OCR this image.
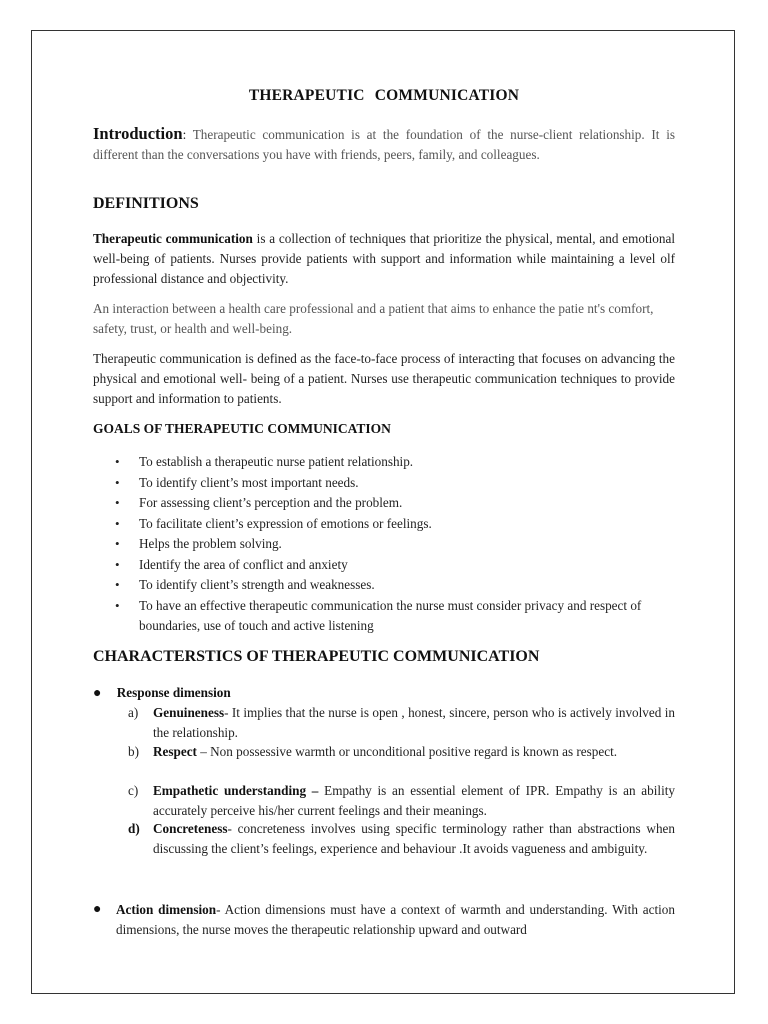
THERAPEUTIC COMMUNICATION
Introduction: Therapeutic communication is at the foundation of the nurse-client relationship. It is different than the conversations you have with friends, peers, family, and colleagues.
DEFINITIONS
Therapeutic communication is a collection of techniques that prioritize the physical, mental, and emotional well-being of patients. Nurses provide patients with support and information while maintaining a level olf professional distance and objectivity.
An interaction between a health care professional and a patient that aims to enhance the patie nt's comfort, safety, trust, or health and well-being.
Therapeutic communication is defined as the face-to-face process of interacting that focuses on advancing the physical and emotional well- being of a patient. Nurses use therapeutic communication techniques to provide support and information to patients.
GOALS OF THERAPEUTIC COMMUNICATION
• To establish a therapeutic nurse patient relationship.
• To identify client’s most important needs.
• For assessing client’s perception and the problem.
• To facilitate client’s expression of emotions or feelings.
• Helps the problem solving.
• Identify the area of conflict and anxiety
• To identify client’s strength and weaknesses.
• To have an effective therapeutic communication the nurse must consider privacy and respect of boundaries, use of touch and active listening
CHARACTERSTICS OF THERAPEUTIC COMMUNICATION
● Response dimension
a) Genuineness- It implies that the nurse is open , honest, sincere, person who is actively involved in the relationship.
b) Respect – Non possessive warmth or unconditional positive regard is known as respect.
c) Empathetic understanding – Empathy is an essential element of IPR. Empathy is an ability accurately perceive his/her current feelings and their meanings.
d) Concreteness- concreteness involves using specific terminology rather than abstractions when discussing the client’s feelings, experience and behaviour .It avoids vagueness and ambiguity.
● Action dimension- Action dimensions must have a context of warmth and understanding. With action dimensions, the nurse moves the therapeutic relationship upward and outward
